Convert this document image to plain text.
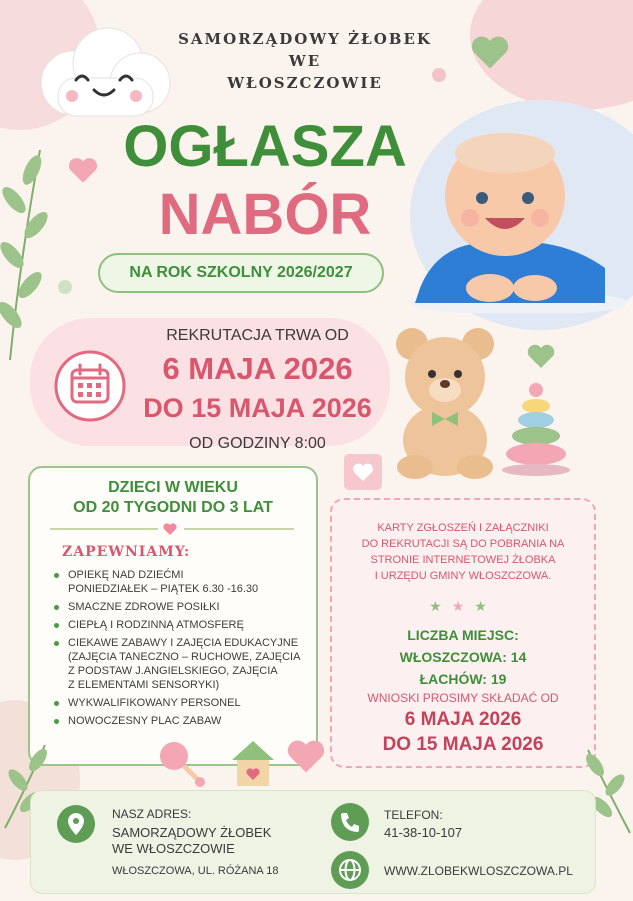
SAMORZĄDOWY ŻŁOBEK
WE
WŁOSZCZOWIE
OGŁASZA
NABÓR
NA ROK SZKOLNY 2026/2027
REKRUTACJA TRWA OD
6 MAJA 2026
DO 15 MAJA 2026
OD GODZINY 8:00
DZIECI W WIEKU
OD 20 TYGODNI DO 3 LAT
ZAPEWNIAMY:
OPIEKĘ NAD DZIEĆMI
PONIEDZIAŁEK – PIĄTEK 6.30 -16.30
SMACZNE ZDROWE POSIŁKI
CIEPŁĄ I RODZINNĄ ATMOSFERĘ
CIEKAWE ZABAWY I ZAJĘCIA EDUKACYJNE
(ZAJĘCIA TANECZNO – RUCHOWE, ZAJĘCIA
Z PODSTAW J.ANGIELSKIEGO, ZAJĘCIA
Z ELEMENTAMI SENSORYKI)
WYKWALIFIKOWANY PERSONEL
NOWOCZESNY PLAC ZABAW
KARTY ZGŁOSZEŃ I ZAŁĄCZNIKI
DO REKRUTACJI SĄ DO POBRANIA NA
STRONIE INTERNETOWEJ ŻŁOBKA
I URZĘDU GMINY WŁOSZCZOWA.
★★★
LICZBA MIEJSC:
WŁOSZCZOWA: 14
ŁACHÓW: 19
WNIOSKI PROSIMY SKŁADAĆ OD
6 MAJA 2026
DO 15 MAJA 2026
NASZ ADRES:
SAMORZĄDOWY ŻŁOBEK
WE WŁOSZCZOWIE
WŁOSZCZOWA, UL. RÓŻANA 18
TELEFON:
41-38-10-107
WWW.ZLOBEKWLOSZCZOWA.PL
